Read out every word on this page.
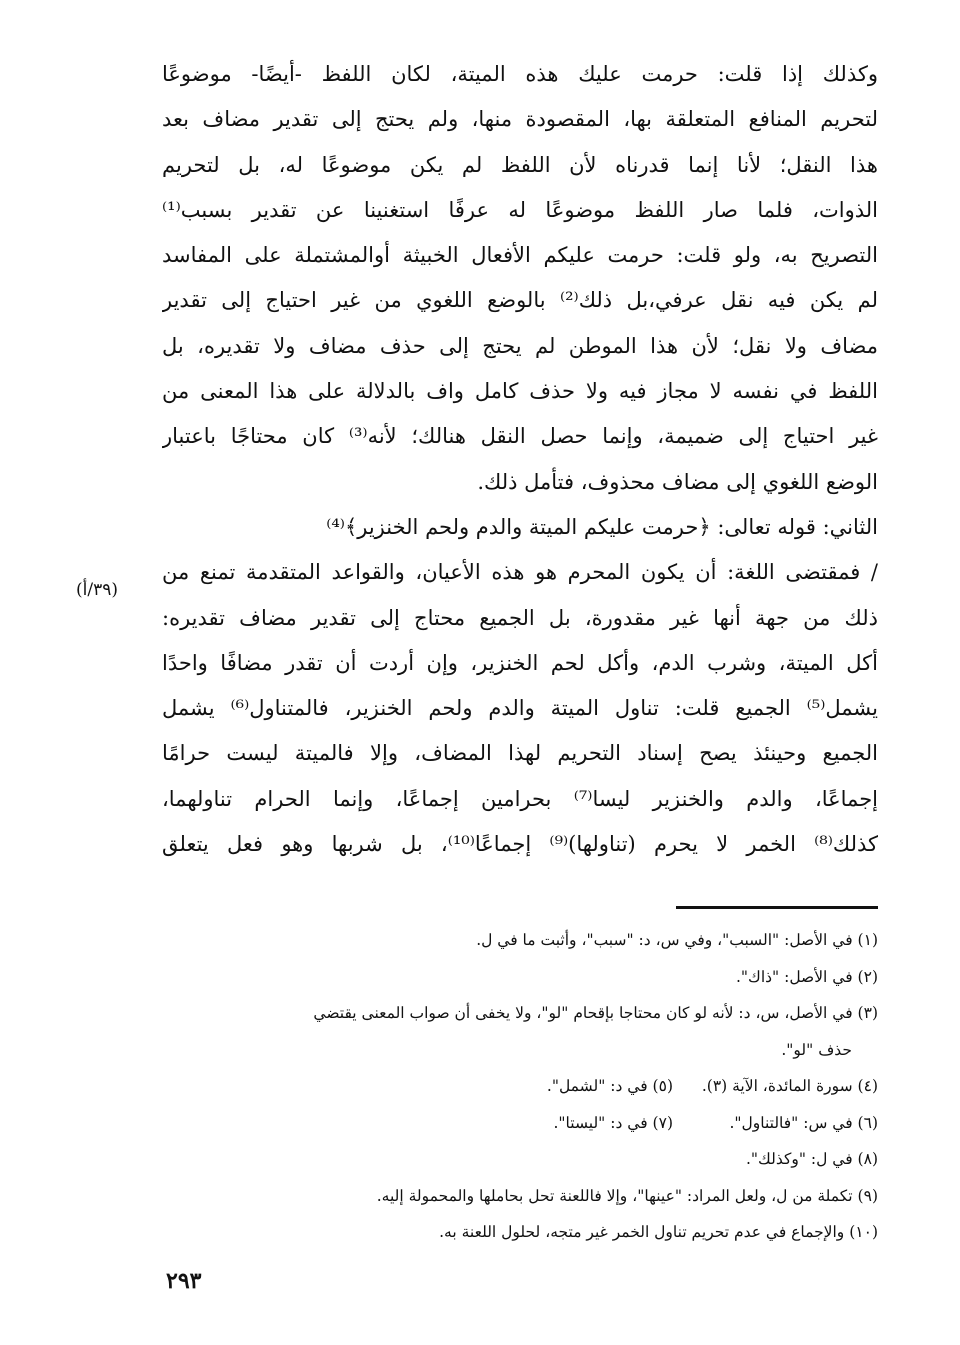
وكذلك إذا قلت: حرمت عليك هذه الميتة، لكان اللفظ -أيضًا- موضوعًا
لتحريم المنافع المتعلقة بها، المقصودة منها، ولم يحتج إلى تقدير مضاف بعد
هذا النقل؛ لأنا إنما قدرناه لأن اللفظ لم يكن موضوعًا له، بل لتحريم
الذوات، فلما صار اللفظ موضوعًا له عرفًا استغنينا عن تقدير بسبب⁽¹⁾
التصريح به، ولو قلت: حرمت عليكم الأفعال الخبيثة أوالمشتملة على المفاسد
لم يكن فيه نقل عرفي،بل ذلك⁽²⁾ بالوضع اللغوي من غير احتياج إلى تقدير
مضاف ولا نقل؛ لأن هذا الموطن لم يحتج إلى حذف مضاف ولا تقديره، بل
اللفظ في نفسه لا مجاز فيه ولا حذف كامل واف بالدلالة على هذا المعنى من
غير احتياج إلى ضميمة، وإنما حصل النقل هنالك؛ لأنه⁽³⁾ كان محتاجًا باعتبار
الوضع اللغوي إلى مضاف محذوف، فتأمل ذلك.
الثاني: قوله تعالى: ﴿حرمت عليكم الميتة والدم ولحم الخنزير﴾⁽⁴⁾
/ فمقتضى اللغة: أن يكون المحرم هو هذه الأعيان، والقواعد المتقدمة تمنع من
ذلك من جهة أنها غير مقدورة، بل الجميع محتاج إلى تقدير مضاف تقديره:
أكل الميتة، وشرب الدم، وأكل لحم الخنزير، وإن أردت أن تقدر مضافًا واحدًا
يشمل⁽⁵⁾ الجميع قلت: تناول الميتة والدم ولحم الخنزير، فالمتناول⁽⁶⁾ يشمل
الجميع وحينئذ يصح إسناد التحريم لهذا المضاف، وإلا فالميتة ليست حرامًا
إجماعًا، والدم والخنزير ليسا⁽⁷⁾ بحرامين إجماعًا، وإنما الحرام تناولهما،
كذلك⁽⁸⁾ الخمر لا يحرم (تناولها)⁽⁹⁾ إجماعًا⁽¹⁰⁾، بل شربها وهو فعل يتعلق
(٣٩/أ)
(١) في الأصل: "السبب"، وفي س، د: "سبب"، وأثبت ما في ل.
(٢) في الأصل: "ذاك".
(٣) في الأصل، س، د: لأنه لو كان محتاجا بإقحام "لو"، ولا يخفى أن صواب المعنى يقتضي
حذف "لو".
(٤) سورة المائدة، الآية (٣).
(٥) في د: "لشمل".
(٦) في س: "فالتناول".
(٧) في د: "ليستا".
(٨) في ل: "وكذلك".
(٩) تكملة من ل، ولعل المراد: "عينها"، وإلا فاللعنة تحل بحاملها والمحمولة إليه.
(١٠) والإجماع في عدم تحريم تناول الخمر غير متجه، لحلول اللعنة به.
٢٩٣
